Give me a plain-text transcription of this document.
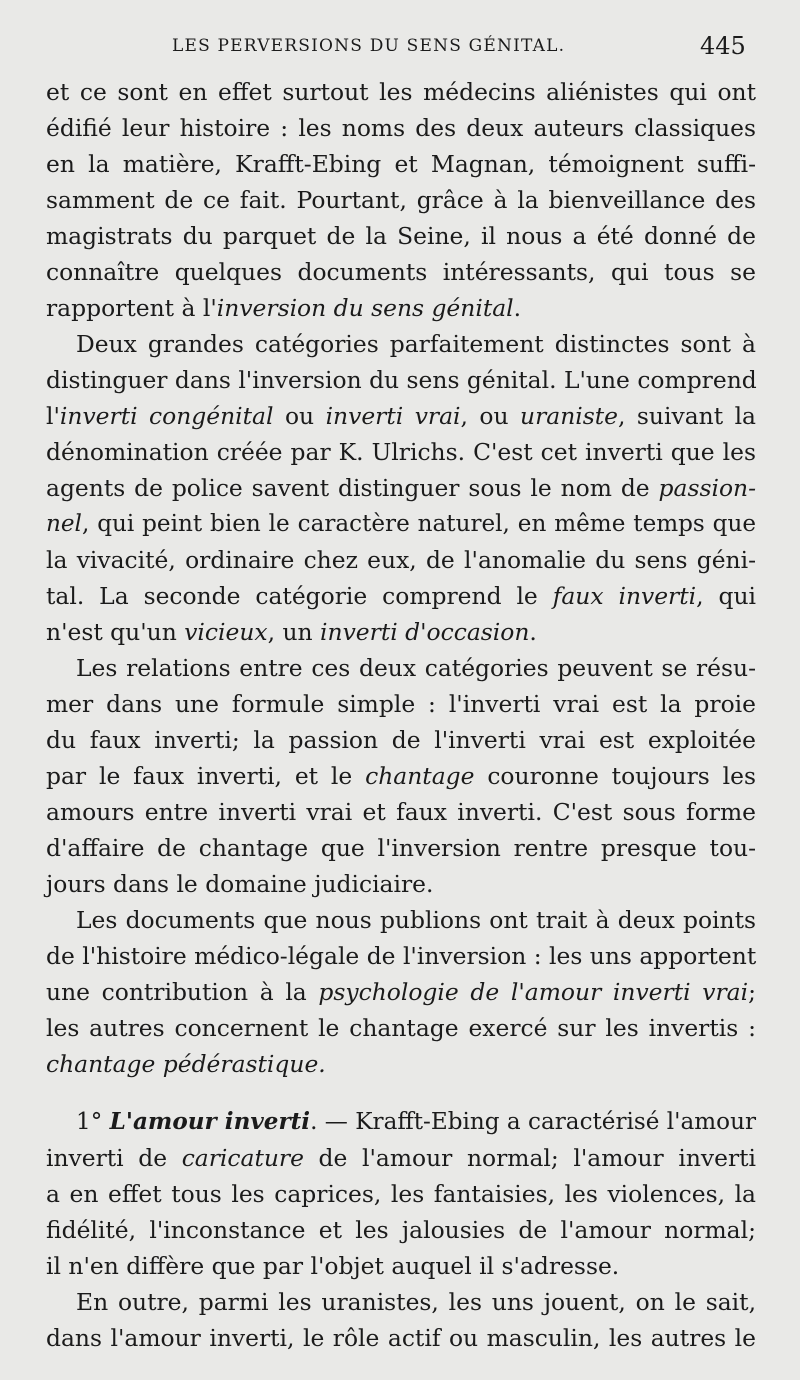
LES PERVERSIONS DU SENS GÉNITAL.	445
et ce sont en effet surtout les médecins aliénistes qui ont
édifié leur histoire : les noms des deux auteurs classiques
en la matière, Krafft-Ebing et Magnan, témoignent suffi-
samment de ce fait. Pourtant, grâce à la bienveillance des
magistrats du parquet de la Seine, il nous a été donné de
connaître quelques documents intéressants, qui tous se
rapportent à l'inversion du sens génital.
Deux grandes catégories parfaitement distinctes sont à
distinguer dans l'inversion du sens génital. L'une comprend
l'inverti congénital ou inverti vrai, ou uraniste, suivant la
dénomination créée par K. Ulrichs. C'est cet inverti que les
agents de police savent distinguer sous le nom de passion-
nel, qui peint bien le caractère naturel, en même temps que
la vivacité, ordinaire chez eux, de l'anomalie du sens géni-
tal. La seconde catégorie comprend le faux inverti, qui
n'est qu'un vicieux, un inverti d'occasion.
Les relations entre ces deux catégories peuvent se résu-
mer dans une formule simple : l'inverti vrai est la proie
du faux inverti; la passion de l'inverti vrai est exploitée
par le faux inverti, et le chantage couronne toujours les
amours entre inverti vrai et faux inverti. C'est sous forme
d'affaire de chantage que l'inversion rentre presque tou-
jours dans le domaine judiciaire.
Les documents que nous publions ont trait à deux points
de l'histoire médico-légale de l'inversion : les uns apportent
une contribution à la psychologie de l'amour inverti vrai;
les autres concernent le chantage exercé sur les invertis :
chantage pédérastique.
1° L'amour inverti. — Krafft-Ebing a caractérisé l'amour
inverti de caricature de l'amour normal; l'amour inverti
a en effet tous les caprices, les fantaisies, les violences, la
fidélité, l'inconstance et les jalousies de l'amour normal;
il n'en diffère que par l'objet auquel il s'adresse.
En outre, parmi les uranistes, les uns jouent, on le sait,
dans l'amour inverti, le rôle actif ou masculin, les autres le
